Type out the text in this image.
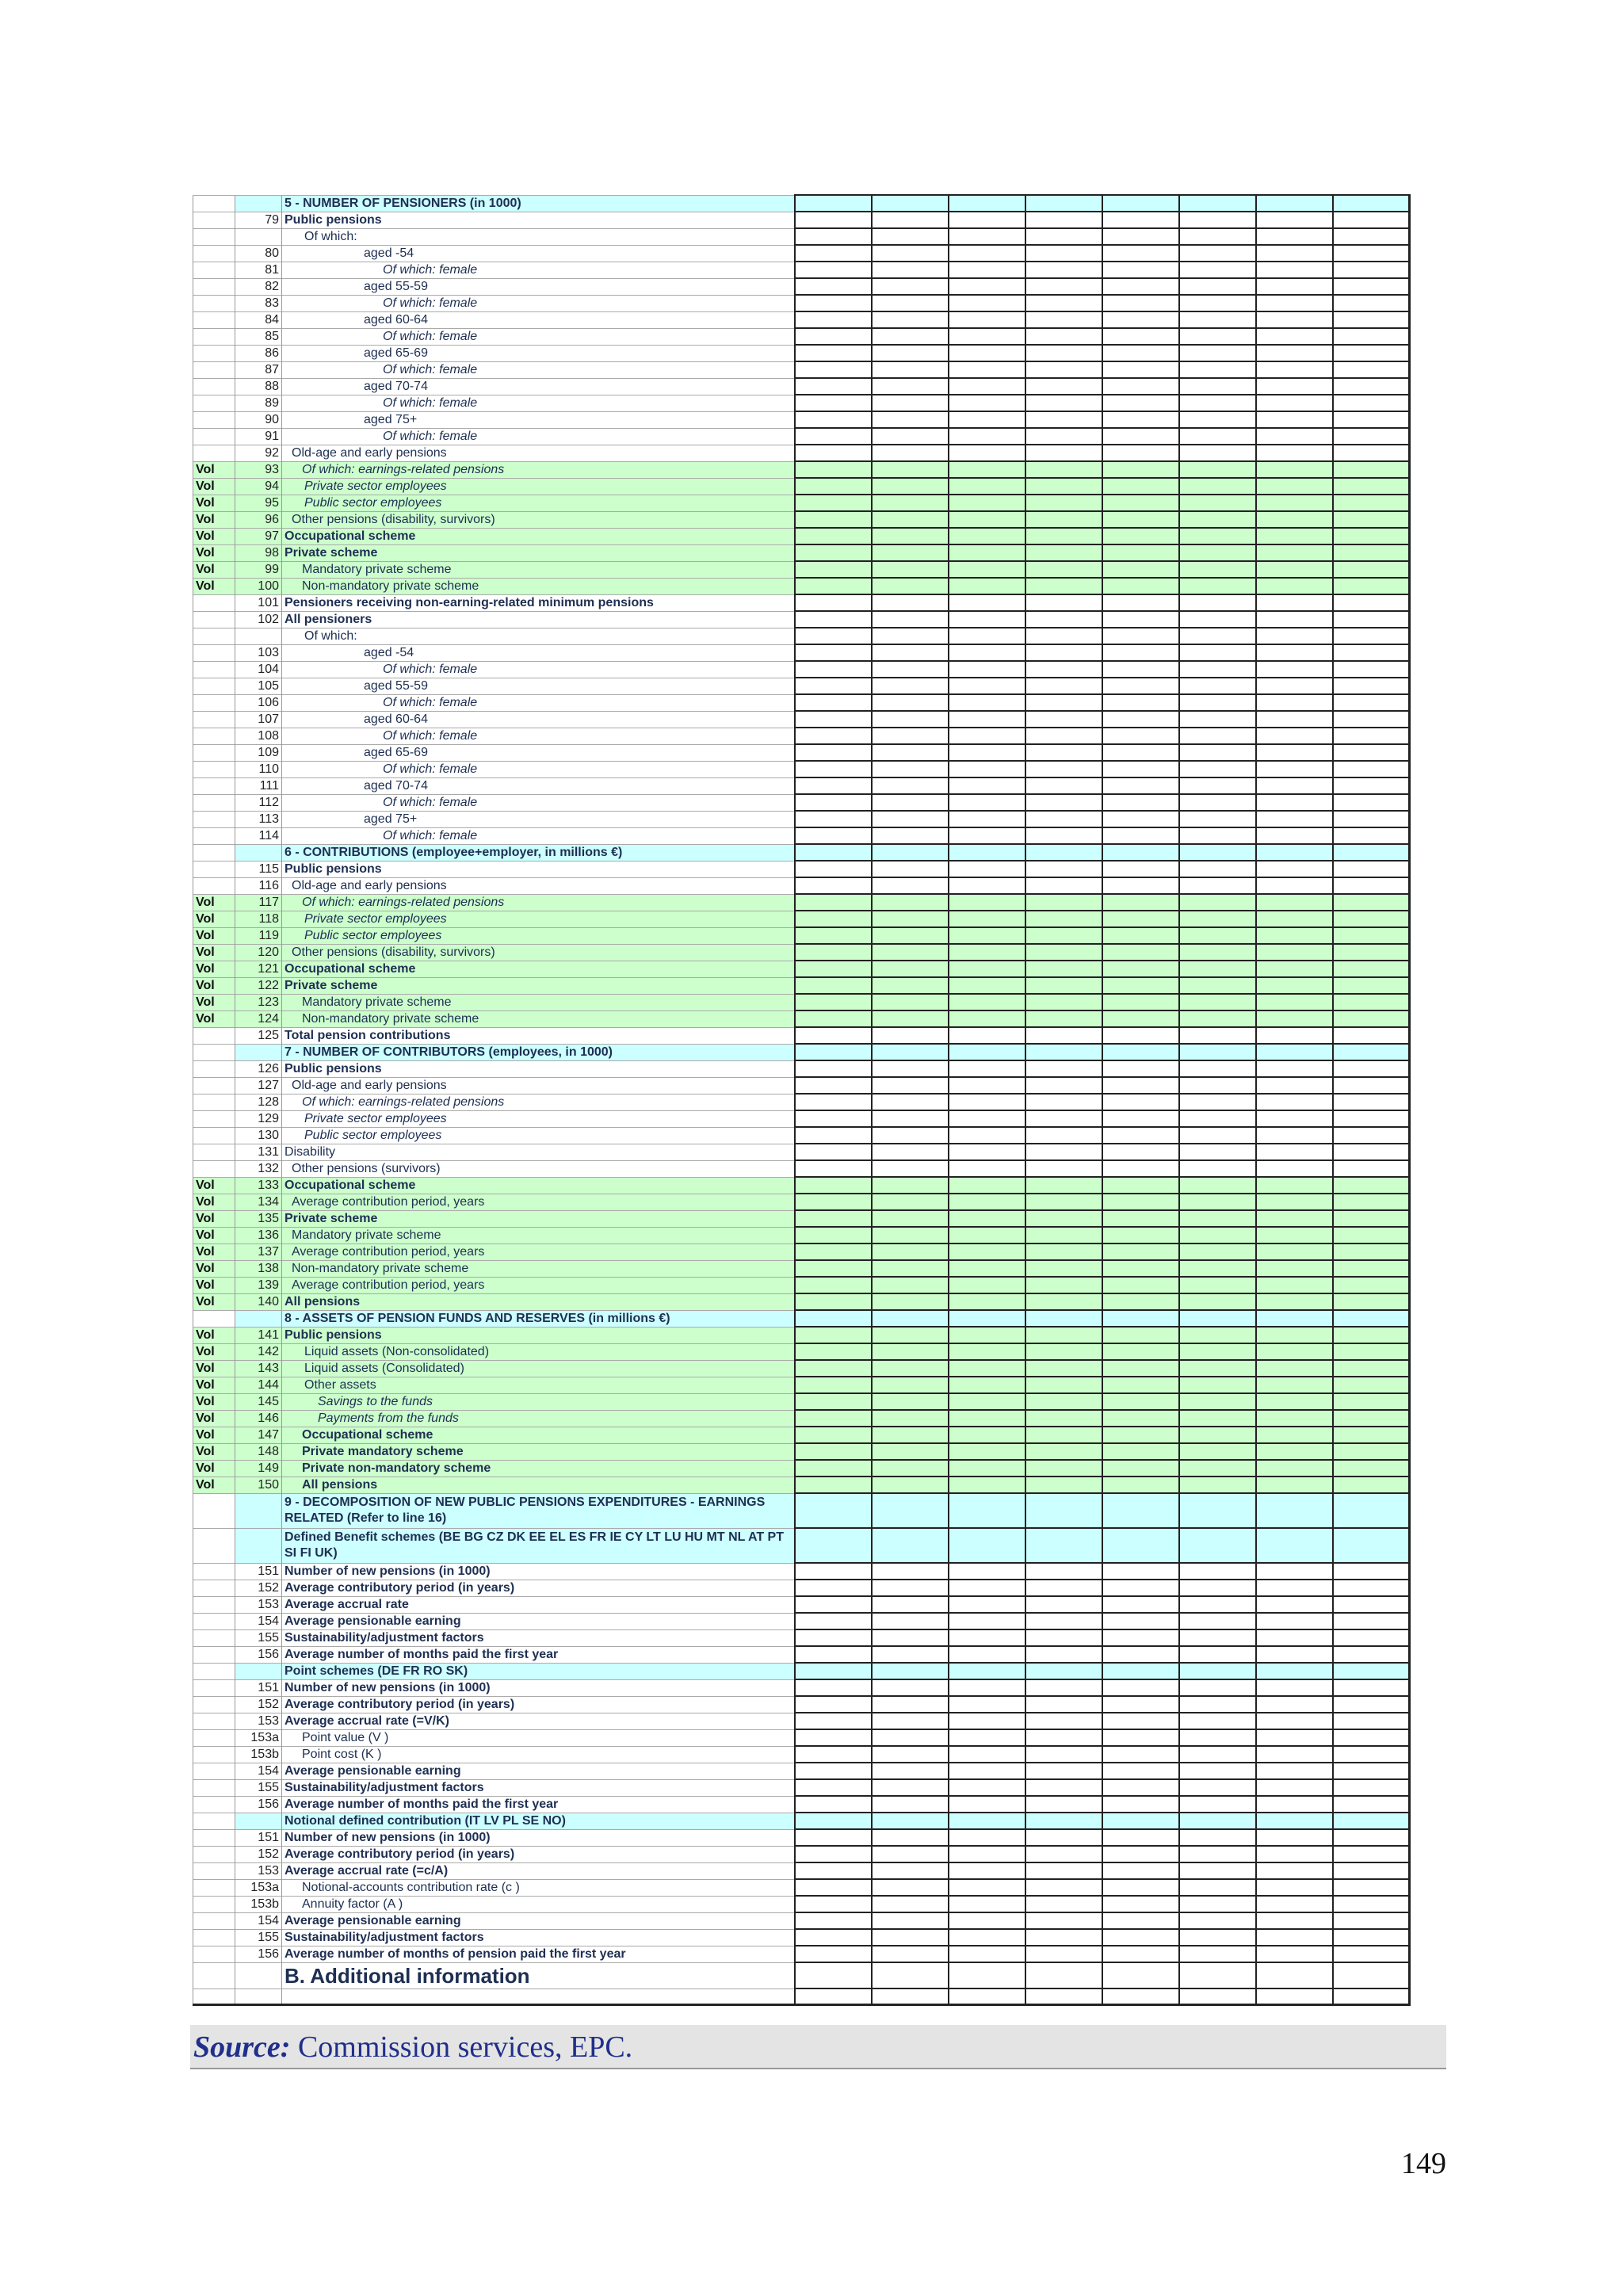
		5 - NUMBER OF PENSIONERS (in 1000)								
	79	Public pensions								
		Of which:								
	80	aged -54								
	81	Of which: female								
	82	aged 55-59								
	83	Of which: female								
	84	aged 60-64								
	85	Of which: female								
	86	aged 65-69								
	87	Of which: female								
	88	aged 70-74								
	89	Of which: female								
	90	aged 75+								
	91	Of which: female								
	92	Old-age and early pensions								
Vol	93	Of which: earnings-related pensions								
Vol	94	Private sector employees								
Vol	95	Public sector employees								
Vol	96	Other pensions (disability, survivors)								
Vol	97	Occupational scheme								
Vol	98	Private scheme								
Vol	99	Mandatory private scheme								
Vol	100	Non-mandatory private scheme								
	101	Pensioners receiving non-earning-related minimum pensions								
	102	All pensioners								
		Of which:								
	103	aged -54								
	104	Of which: female								
	105	aged 55-59								
	106	Of which: female								
	107	aged 60-64								
	108	Of which: female								
	109	aged 65-69								
	110	Of which: female								
	111	aged 70-74								
	112	Of which: female								
	113	aged 75+								
	114	Of which: female								
		6 - CONTRIBUTIONS (employee+employer, in millions €)								
	115	Public pensions								
	116	Old-age and early pensions								
Vol	117	Of which: earnings-related pensions								
Vol	118	Private sector employees								
Vol	119	Public sector employees								
Vol	120	Other pensions (disability, survivors)								
Vol	121	Occupational scheme								
Vol	122	Private scheme								
Vol	123	Mandatory private scheme								
Vol	124	Non-mandatory private scheme								
	125	Total pension contributions								
		7 - NUMBER OF CONTRIBUTORS (employees, in 1000)								
	126	Public pensions								
	127	Old-age and early pensions								
	128	Of which: earnings-related pensions								
	129	Private sector employees								
	130	Public sector employees								
	131	Disability								
	132	Other pensions (survivors)								
Vol	133	Occupational scheme								
Vol	134	Average contribution period, years								
Vol	135	Private scheme								
Vol	136	Mandatory private scheme								
Vol	137	Average contribution period, years								
Vol	138	Non-mandatory private scheme								
Vol	139	Average contribution period, years								
Vol	140	All pensions								
		8 - ASSETS OF PENSION FUNDS AND RESERVES (in millions €)								
Vol	141	Public pensions								
Vol	142	Liquid assets (Non-consolidated)								
Vol	143	Liquid assets (Consolidated)								
Vol	144	Other assets								
Vol	145	Savings to the funds								
Vol	146	Payments from the funds								
Vol	147	Occupational scheme								
Vol	148	Private mandatory scheme								
Vol	149	Private non-mandatory scheme								
Vol	150	All pensions								
		9 - DECOMPOSITION OF NEW PUBLIC PENSIONS EXPENDITURES - EARNINGS RELATED (Refer to line 16)								
		Defined Benefit schemes (BE BG CZ DK EE EL ES FR IE CY LT LU HU MT NL AT PT SI FI UK)								
	151	Number of new pensions (in 1000)								
	152	Average contributory period (in years)								
	153	Average accrual rate								
	154	Average pensionable earning								
	155	Sustainability/adjustment factors								
	156	Average number of months paid the first year								
		Point schemes (DE FR RO SK)								
	151	Number of new pensions (in 1000)								
	152	Average contributory period (in years)								
	153	Average accrual rate (=V/K)								
	153a	Point value (V )								
	153b	Point cost (K )								
	154	Average pensionable earning								
	155	Sustainability/adjustment factors								
	156	Average number of months paid the first year								
		Notional defined contribution (IT LV PL SE NO)								
	151	Number of new pensions (in 1000)								
	152	Average contributory period (in years)								
	153	Average accrual rate (=c/A)								
	153a	Notional-accounts contribution rate (c )								
	153b	Annuity factor (A )								
	154	Average pensionable earning								
	155	Sustainability/adjustment factors								
	156	Average number of months of pension paid the first year								
		B. Additional information								

Source: Commission services, EPC.
149
